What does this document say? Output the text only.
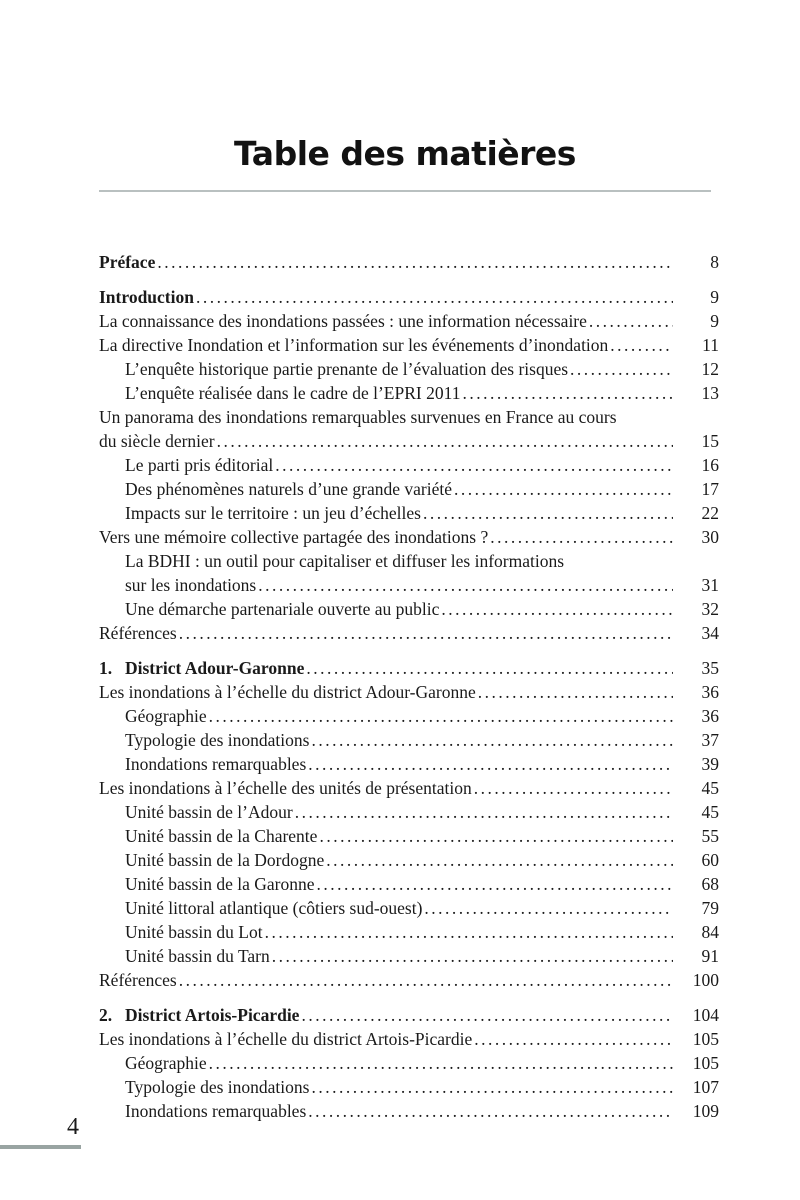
Table des matières
Préface .....	8
Introduction .....	9
La connaissance des inondations passées : une information nécessaire .....	9
La directive Inondation et l’information sur les événements d’inondation .....	11
L’enquête historique partie prenante de l’évaluation des risques .....	12
L’enquête réalisée dans le cadre de l’EPRI 2011 .....	13
Un panorama des inondations remarquables survenues en France au cours
du siècle dernier .....	15
Le parti pris éditorial .....	16
Des phénomènes naturels d’une grande variété .....	17
Impacts sur le territoire : un jeu d’échelles .....	22
Vers une mémoire collective partagée des inondations ? .....	30
La BDHI : un outil pour capitaliser et diffuser les informations
sur les inondations .....	31
Une démarche partenariale ouverte au public .....	32
Références .....	34
1. District Adour-Garonne .....	35
Les inondations à l’échelle du district Adour-Garonne .....	36
Géographie .....	36
Typologie des inondations .....	37
Inondations remarquables .....	39
Les inondations à l’échelle des unités de présentation .....	45
Unité bassin de l’Adour .....	45
Unité bassin de la Charente .....	55
Unité bassin de la Dordogne .....	60
Unité bassin de la Garonne .....	68
Unité littoral atlantique (côtiers sud-ouest) .....	79
Unité bassin du Lot .....	84
Unité bassin du Tarn .....	91
Références .....	100
2. District Artois-Picardie .....	104
Les inondations à l’échelle du district Artois-Picardie .....	105
Géographie .....	105
Typologie des inondations .....	107
Inondations remarquables .....	109
4
